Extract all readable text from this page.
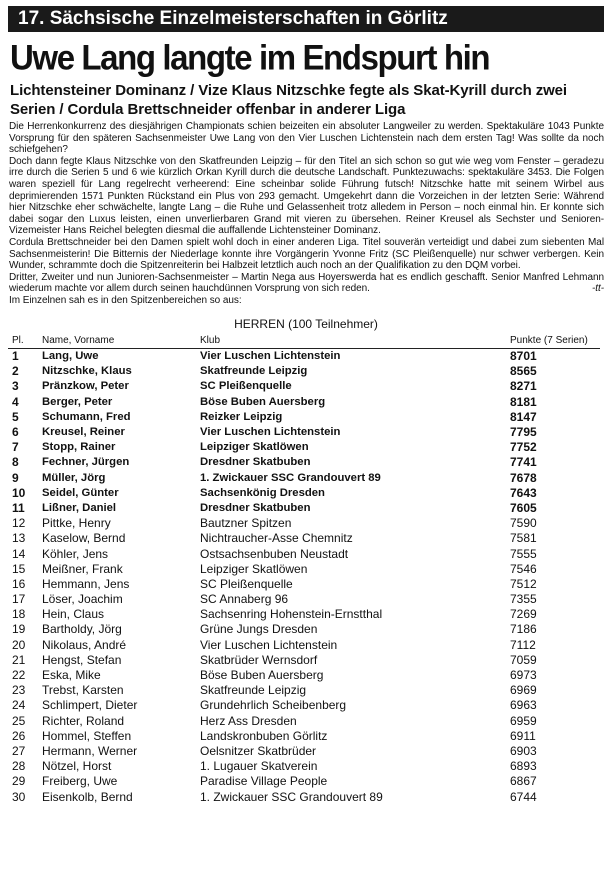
17. Sächsische Einzelmeisterschaften in Görlitz
Uwe Lang langte im Endspurt hin
Lichtensteiner Dominanz / Vize Klaus Nitzschke fegte als Skat-Kyrill durch zwei Serien / Cordula Brettschneider offenbar in anderer Liga

Die Herrenkonkurrenz des diesjährigen Championats schien beizeiten ein absoluter Langweiler zu werden. Spektakuläre 1043 Punkte Vorsprung für den späteren Sachsenmeister Uwe Lang von den Vier Luschen Lichtenstein nach dem ersten Tag! Was sollte da noch schiefgehen?

Doch dann fegte Klaus Nitzschke von den Skatfreunden Leipzig – für den Titel an sich schon so gut wie weg vom Fenster – geradezu irre durch die Serien 5 und 6 wie kürzlich Orkan Kyrill durch die deutsche Landschaft. Punktezuwachs: spektakuläre 3453. Die Folgen waren speziell für Lang regelrecht verheerend: Eine scheinbar solide Führung futsch! Nitzschke hatte mit seinem Wirbel aus deprimierenden 1571 Punkten Rückstand ein Plus von 293 gemacht. Umgekehrt dann die Vorzeichen in der letzten Serie: Während hier Nitzschke eher schwächelte, langte Lang – die Ruhe und Gelassenheit trotz alledem in Person – noch einmal hin. Er konnte sich dabei sogar den Luxus leisten, einen unverlierbaren Grand mit vieren zu übersehen. Reiner Kreusel als Sechster und Senioren-Vizemeister Hans Reichel belegten diesmal die auffallende Lichtensteiner Dominanz.

Cordula Brettschneider bei den Damen spielt wohl doch in einer anderen Liga. Titel souverän verteidigt und dabei zum siebenten Mal Sachsenmeisterin! Die Bitternis der Niederlage konnte ihre Vorgängerin Yvonne Fritz (SC Pleißenquelle) nur schwer verbergen. Kein Wunder, schrammte doch die Spitzenreiterin bei Halbzeit letztlich auch noch an der Qualifikation zu den DQM vorbei.

Dritter, Zweiter und nun Junioren-Sachsenmeister – Martin Nega aus Hoyerswerda hat es endlich geschafft. Senior Manfred Lehmann wiederum machte vor allem durch seinen hauchdünnen Vorsprung von sich reden.	-tt-

Im Einzelnen sah es in den Spitzenbereichen so aus:

HERREN (100 Teilnehmer)
Pl.	Name, Vorname	Klub	Punkte (7 Serien)
1	Lang, Uwe	Vier Luschen Lichtenstein	8701
2	Nitzschke, Klaus	Skatfreunde Leipzig	8565
3	Pränzkow, Peter	SC Pleißenquelle	8271
4	Berger, Peter	Böse Buben Auersberg	8181
5	Schumann, Fred	Reizker Leipzig	8147
6	Kreusel, Reiner	Vier Luschen Lichtenstein	7795
7	Stopp, Rainer	Leipziger Skatlöwen	7752
8	Fechner, Jürgen	Dresdner Skatbuben	7741
9	Müller, Jörg	1. Zwickauer SSC Grandouvert 89	7678
10	Seidel, Günter	Sachsenkönig Dresden	7643
11	Lißner, Daniel	Dresdner Skatbuben	7605
12	Pittke, Henry	Bautzner Spitzen	7590
13	Kaselow, Bernd	Nichtraucher-Asse Chemnitz	7581
14	Köhler, Jens	Ostsachsenbuben Neustadt	7555
15	Meißner, Frank	Leipziger Skatlöwen	7546
16	Hemmann, Jens	SC Pleißenquelle	7512
17	Löser, Joachim	SC Annaberg 96	7355
18	Hein, Claus	Sachsenring Hohenstein-Ernstthal	7269
19	Bartholdy, Jörg	Grüne Jungs Dresden	7186
20	Nikolaus, André	Vier Luschen Lichtenstein	7112
21	Hengst, Stefan	Skatbrüder Wernsdorf	7059
22	Eska, Mike	Böse Buben Auersberg	6973
23	Trebst, Karsten	Skatfreunde Leipzig	6969
24	Schlimpert, Dieter	Grundehrlich Scheibenberg	6963
25	Richter, Roland	Herz Ass Dresden	6959
26	Hommel, Steffen	Landskronbuben Görlitz	6911
27	Hermann, Werner	Oelsnitzer Skatbrüder	6903
28	Nötzel, Horst	1. Lugauer Skatverein	6893
29	Freiberg, Uwe	Paradise Village People	6867
30	Eisenkolb, Bernd	1. Zwickauer SSC Grandouvert 89	6744
